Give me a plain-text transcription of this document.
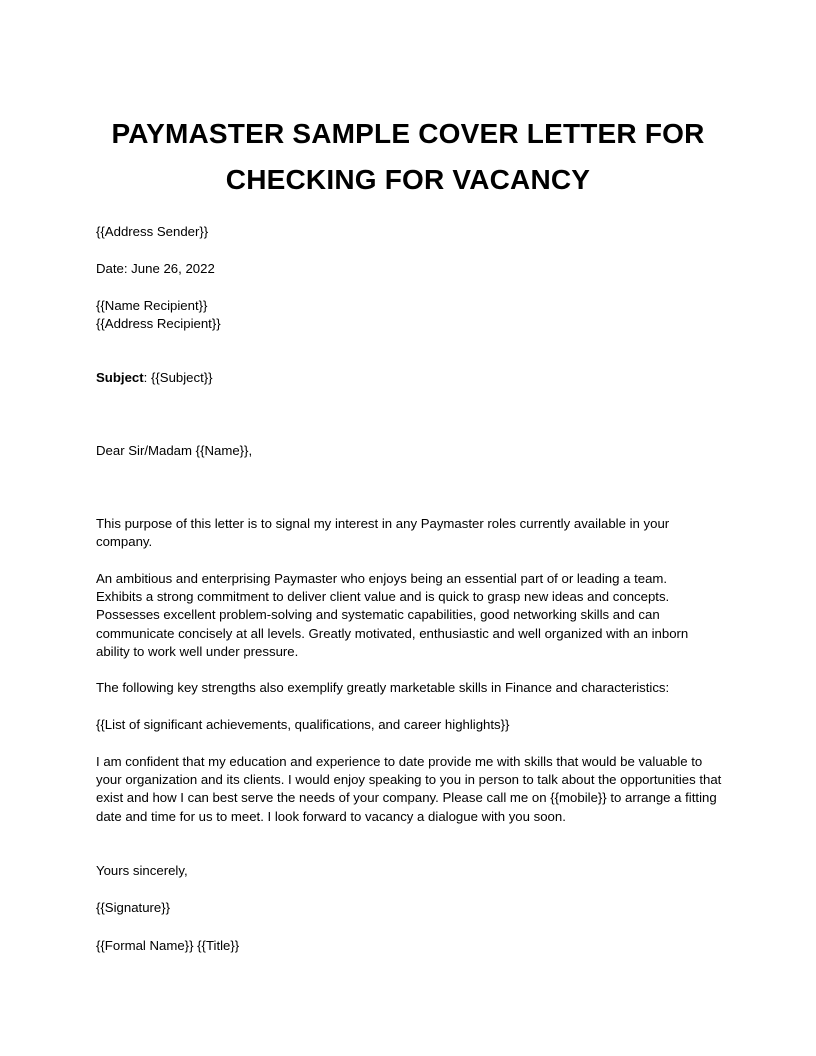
PAYMASTER SAMPLE COVER LETTER FOR
CHECKING FOR VACANCY

{{Address Sender}}

Date: June 26, 2022

{{Name Recipient}}

{{Address Recipient}}

Subject: {{Subject}}

Dear Sir/Madam {{Name}},

This purpose of this letter is to signal my interest in any Paymaster roles currently available in your company.

An ambitious and enterprising Paymaster who enjoys being an essential part of or leading a team. Exhibits a strong commitment to deliver client value and is quick to grasp new ideas and concepts. Possesses excellent problem-solving and systematic capabilities, good networking skills and can communicate concisely at all levels. Greatly motivated, enthusiastic and well organized with an inborn ability to work well under pressure.

The following key strengths also exemplify greatly marketable skills in Finance and characteristics:

{{List of significant achievements, qualifications, and career highlights}}

I am confident that my education and experience to date provide me with skills that would be valuable to your organization and its clients. I would enjoy speaking to you in person to talk about the opportunities that exist and how I can best serve the needs of your company. Please call me on {{mobile}} to arrange a fitting date and time for us to meet. I look forward to vacancy a dialogue with you soon.

Yours sincerely,

{{Signature}}

{{Formal Name}} {{Title}}
